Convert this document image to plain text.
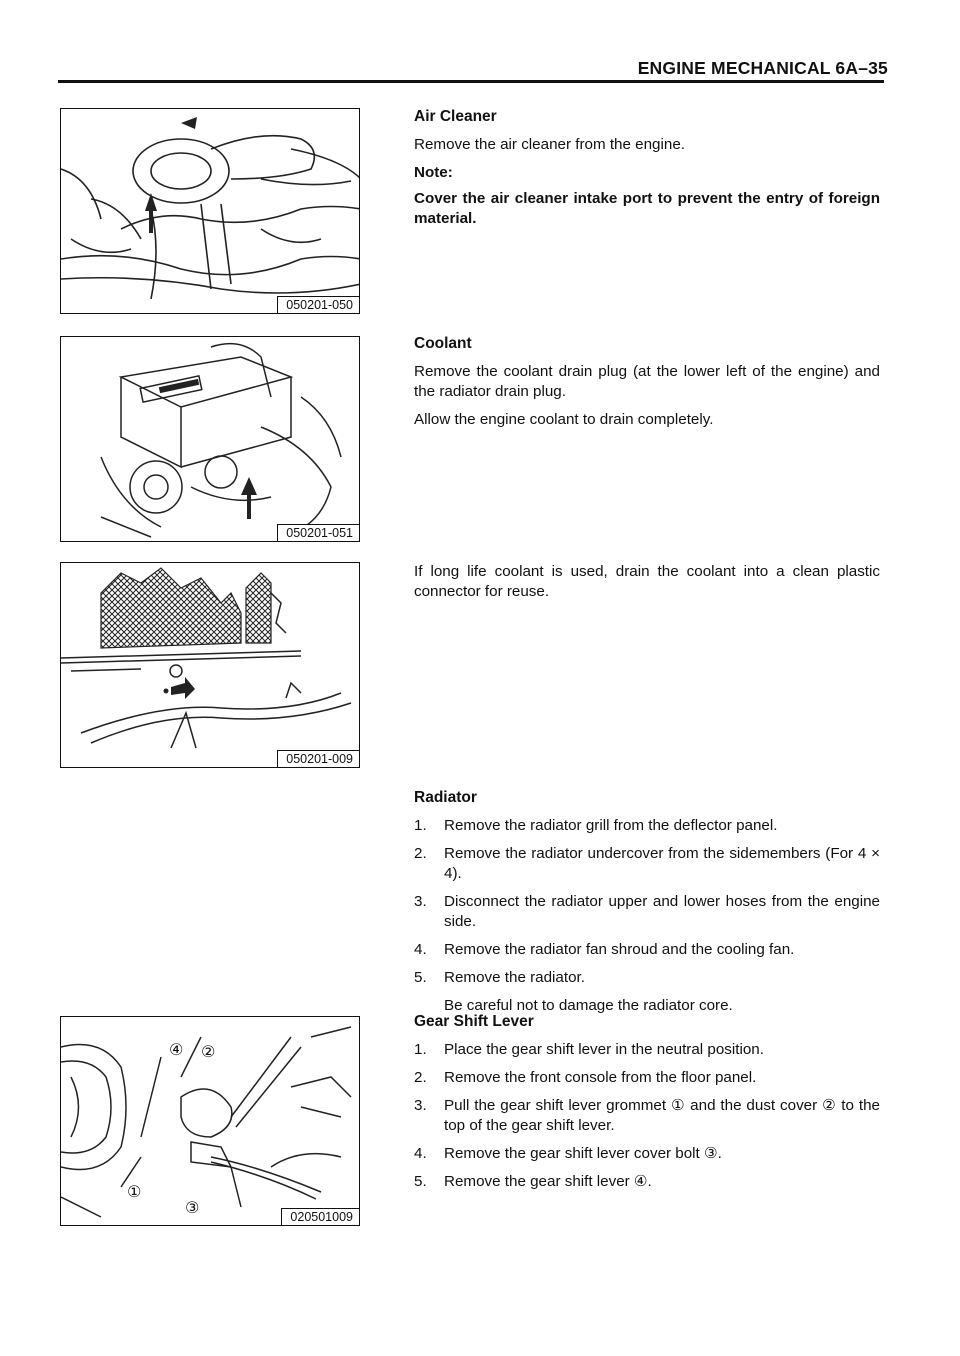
ENGINE MECHANICAL 6A–35
050201-050
050201-051
050201-009
④ ②
①
③	020501009
Air Cleaner

Remove the air cleaner from the engine.

Note:

Cover the air cleaner intake port to prevent the entry of foreign material.

Coolant

Remove the coolant drain plug (at the lower left of the engine) and the radiator drain plug.

Allow the engine coolant to drain completely.

If long life coolant is used, drain the coolant into a clean plastic connector for reuse.

Radiator
1. Remove the radiator grill from the deflector panel.
2. Remove the radiator undercover from the sidemembers (For 4 × 4).
3. Disconnect the radiator upper and lower hoses from the engine side.
4. Remove the radiator fan shroud and the cooling fan.
5. Remove the radiator.
Be careful not to damage the radiator core.
Gear Shift Lever
1. Place the gear shift lever in the neutral position.
2. Remove the front console from the floor panel.
3. Pull the gear shift lever grommet ① and the dust cover ② to the top of the gear shift lever.
4. Remove the gear shift lever cover bolt ③.
5. Remove the gear shift lever ④.
